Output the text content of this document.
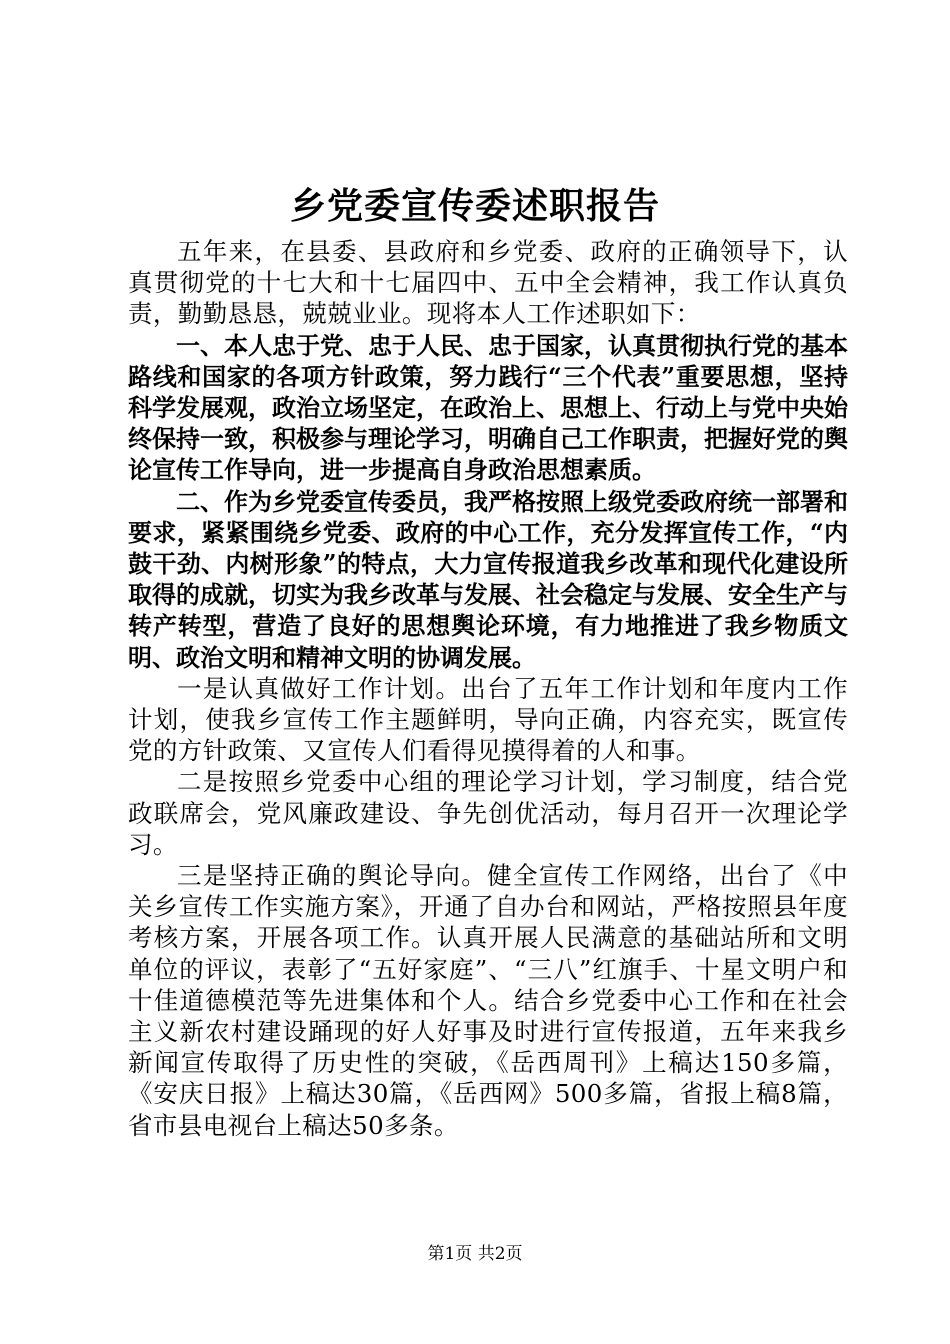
乡党委宣传委述职报告

五年来，在县委、县政府和乡党委、政府的正确领导下，认真贯彻党的十七大和十七届四中、五中全会精神，我工作认真负责，勤勤恳恳，兢兢业业。现将本人工作述职如下：

一、本人忠于党、忠于人民、忠于国家，认真贯彻执行党的基本路线和国家的各项方针政策，努力践行“三个代表”重要思想，坚持科学发展观，政治立场坚定，在政治上、思想上、行动上与党中央始终保持一致，积极参与理论学习，明确自己工作职责，把握好党的舆论宣传工作导向，进一步提高自身政治思想素质。

二、作为乡党委宣传委员，我严格按照上级党委政府统一部署和要求，紧紧围绕乡党委、政府的中心工作，充分发挥宣传工作，“内鼓干劲、内树形象”的特点，大力宣传报道我乡改革和现代化建设所取得的成就，切实为我乡改革与发展、社会稳定与发展、安全生产与转产转型，营造了良好的思想舆论环境，有力地推进了我乡物质文明、政治文明和精神文明的协调发展。

一是认真做好工作计划。出台了五年工作计划和年度内工作计划，使我乡宣传工作主题鲜明，导向正确，内容充实，既宣传党的方针政策、又宣传人们看得见摸得着的人和事。

二是按照乡党委中心组的理论学习计划，学习制度，结合党政联席会，党风廉政建设、争先创优活动，每月召开一次理论学习。

三是坚持正确的舆论导向。健全宣传工作网络，出台了《中关乡宣传工作实施方案》，开通了自办台和网站，严格按照县年度考核方案，开展各项工作。认真开展人民满意的基础站所和文明单位的评议，表彰了“五好家庭”、“三八”红旗手、十星文明户和十佳道德模范等先进集体和个人。结合乡党委中心工作和在社会主义新农村建设踊现的好人好事及时进行宣传报道，五年来我乡新闻宣传取得了历史性的突破，《岳西周刊》上稿达150多篇，《安庆日报》上稿达30篇，《岳西网》500多篇，省报上稿8篇，省市县电视台上稿达50多条。

第1页 共2页
